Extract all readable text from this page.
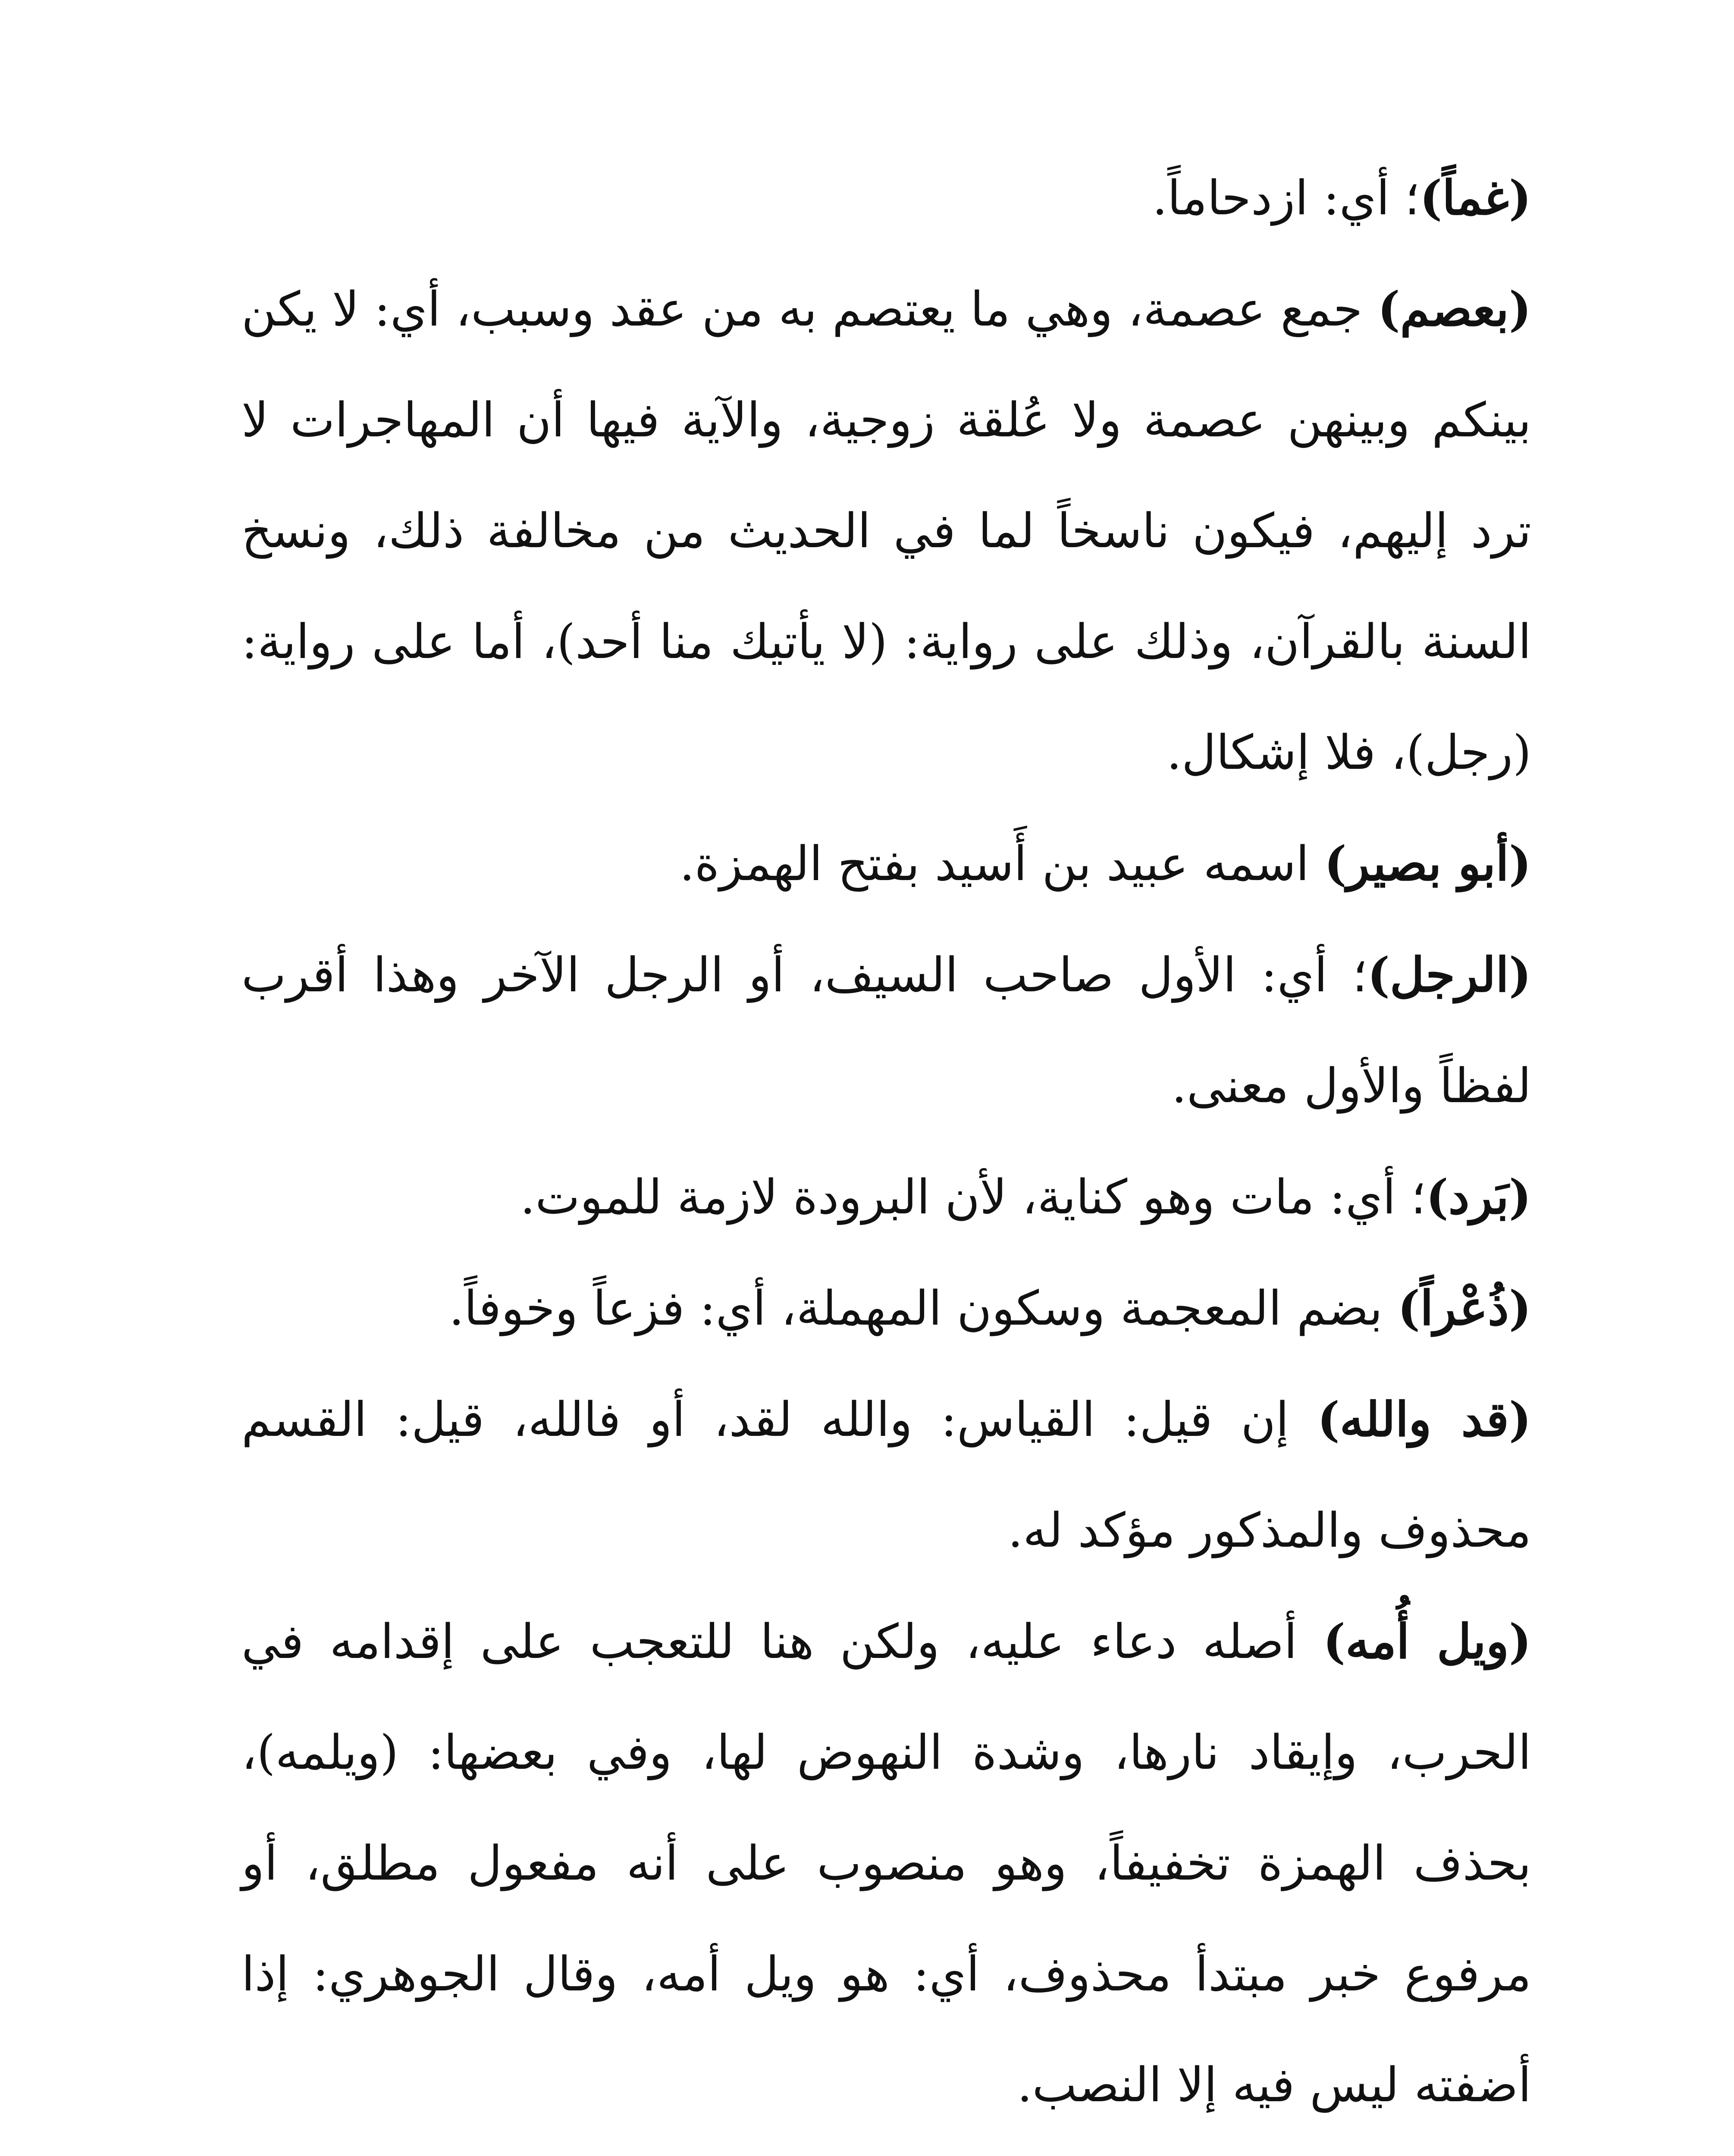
(غماً)؛ أي: ازدحاماً.

(بعصم) جمع عصمة، وهي ما يعتصم به من عقد وسبب، أي: لا يكن بينكم وبينهن عصمة ولا عُلقة زوجية، والآية فيها أن المهاجرات لا ترد إليهم، فيكون ناسخاً لما في الحديث من مخالفة ذلك، ونسخ السنة بالقرآن، وذلك على رواية: (لا يأتيك منا أحد)، أما على رواية: (رجل)، فلا إشكال.

(أبو بصير) اسمه عبيد بن أَسيد بفتح الهمزة.

(الرجل)؛ أي: الأول صاحب السيف، أو الرجل الآخر وهذا أقرب لفظاً والأول معنى.

(بَرد)؛ أي: مات وهو كناية، لأن البرودة لازمة للموت.

(ذُعْراً) بضم المعجمة وسكون المهملة، أي: فزعاً وخوفاً.

(قد والله) إن قيل: القياس: والله لقد، أو فالله، قيل: القسم محذوف والمذكور مؤكد له.

(ويل أُمه) أصله دعاء عليه، ولكن هنا للتعجب على إقدامه في الحرب، وإيقاد نارها، وشدة النهوض لها، وفي بعضها: (ويلمه)، بحذف الهمزة تخفيفاً، وهو منصوب على أنه مفعول مطلق، أو مرفوع خبر مبتدأ محذوف، أي: هو ويل أمه، وقال الجوهري: إذا أضفته ليس فيه إلا النصب.
